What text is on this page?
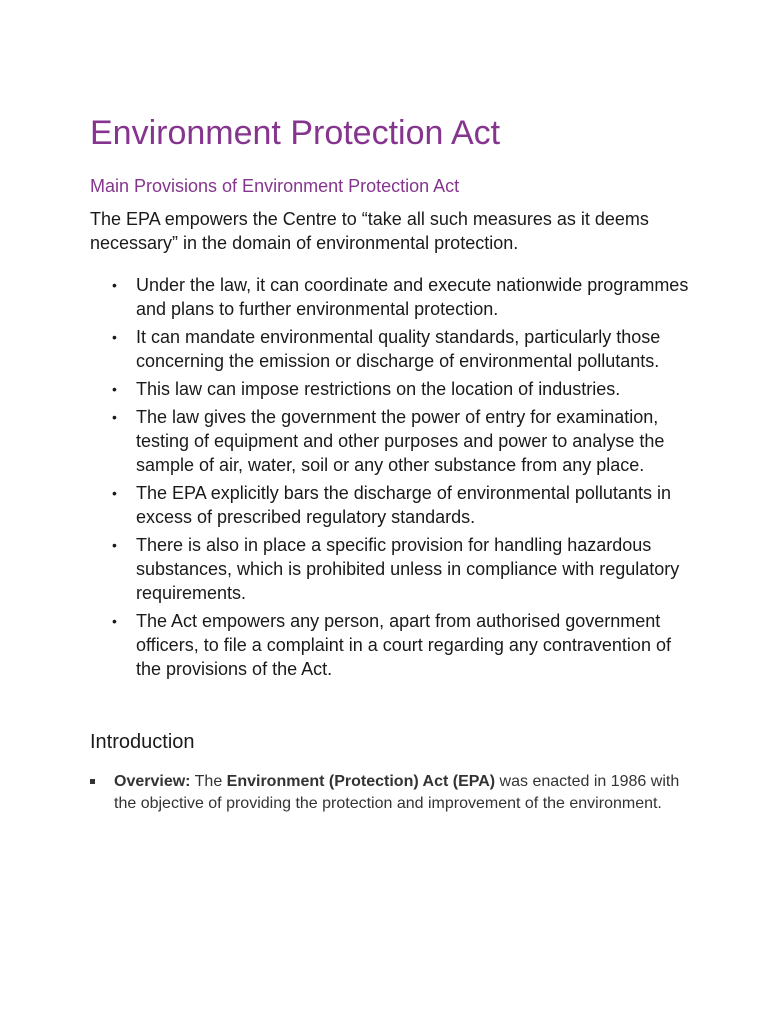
Environment Protection Act
Main Provisions of Environment Protection Act

The EPA empowers the Centre to “take all such measures as it deems necessary” in the domain of environmental protection.

• Under the law, it can coordinate and execute nationwide programmes and plans to further environmental protection.
• It can mandate environmental quality standards, particularly those concerning the emission or discharge of environmental pollutants.
• This law can impose restrictions on the location of industries.
• The law gives the government the power of entry for examination, testing of equipment and other purposes and power to analyse the sample of air, water, soil or any other substance from any place.
• The EPA explicitly bars the discharge of environmental pollutants in excess of prescribed regulatory standards.
• There is also in place a specific provision for handling hazardous substances, which is prohibited unless in compliance with regulatory requirements.
• The Act empowers any person, apart from authorised government officers, to file a complaint in a court regarding any contravention of the provisions of the Act.
Introduction
Overview: The Environment (Protection) Act (EPA) was enacted in 1986 with the objective of providing the protection and improvement of the environment.
